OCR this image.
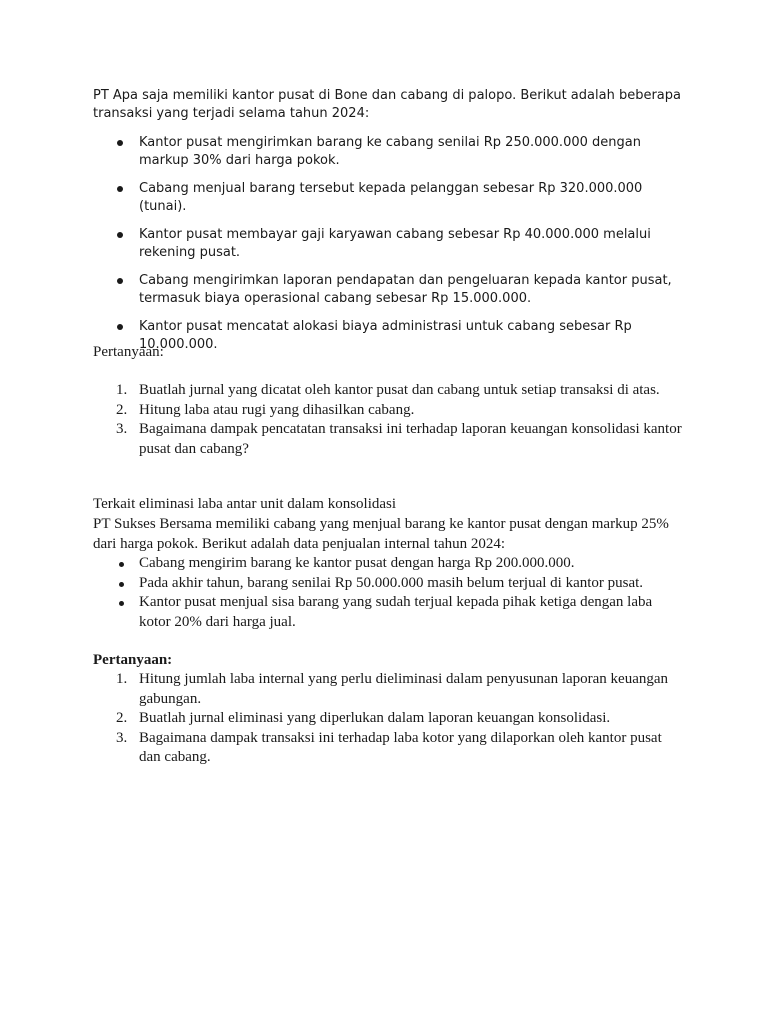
PT Apa saja memiliki kantor pusat di Bone dan cabang di palopo. Berikut adalah beberapa transaksi yang terjadi selama tahun 2024:

Kantor pusat mengirimkan barang ke cabang senilai Rp 250.000.000 dengan markup 30% dari harga pokok.
Cabang menjual barang tersebut kepada pelanggan sebesar Rp 320.000.000 (tunai).
Kantor pusat membayar gaji karyawan cabang sebesar Rp 40.000.000 melalui rekening pusat.
Cabang mengirimkan laporan pendapatan dan pengeluaran kepada kantor pusat, termasuk biaya operasional cabang sebesar Rp 15.000.000.
Kantor pusat mencatat alokasi biaya administrasi untuk cabang sebesar Rp 10.000.000.

Pertanyaan:

1. Buatlah jurnal yang dicatat oleh kantor pusat dan cabang untuk setiap transaksi di atas.
2. Hitung laba atau rugi yang dihasilkan cabang.
3. Bagaimana dampak pencatatan transaksi ini terhadap laporan keuangan konsolidasi kantor pusat dan cabang?

Terkait eliminasi laba antar unit dalam konsolidasi

PT Sukses Bersama memiliki cabang yang menjual barang ke kantor pusat dengan markup 25% dari harga pokok. Berikut adalah data penjualan internal tahun 2024:

Cabang mengirim barang ke kantor pusat dengan harga Rp 200.000.000.
Pada akhir tahun, barang senilai Rp 50.000.000 masih belum terjual di kantor pusat.
Kantor pusat menjual sisa barang yang sudah terjual kepada pihak ketiga dengan laba kotor 20% dari harga jual.

Pertanyaan:

1. Hitung jumlah laba internal yang perlu dieliminasi dalam penyusunan laporan keuangan gabungan.
2. Buatlah jurnal eliminasi yang diperlukan dalam laporan keuangan konsolidasi.
3. Bagaimana dampak transaksi ini terhadap laba kotor yang dilaporkan oleh kantor pusat dan cabang.
